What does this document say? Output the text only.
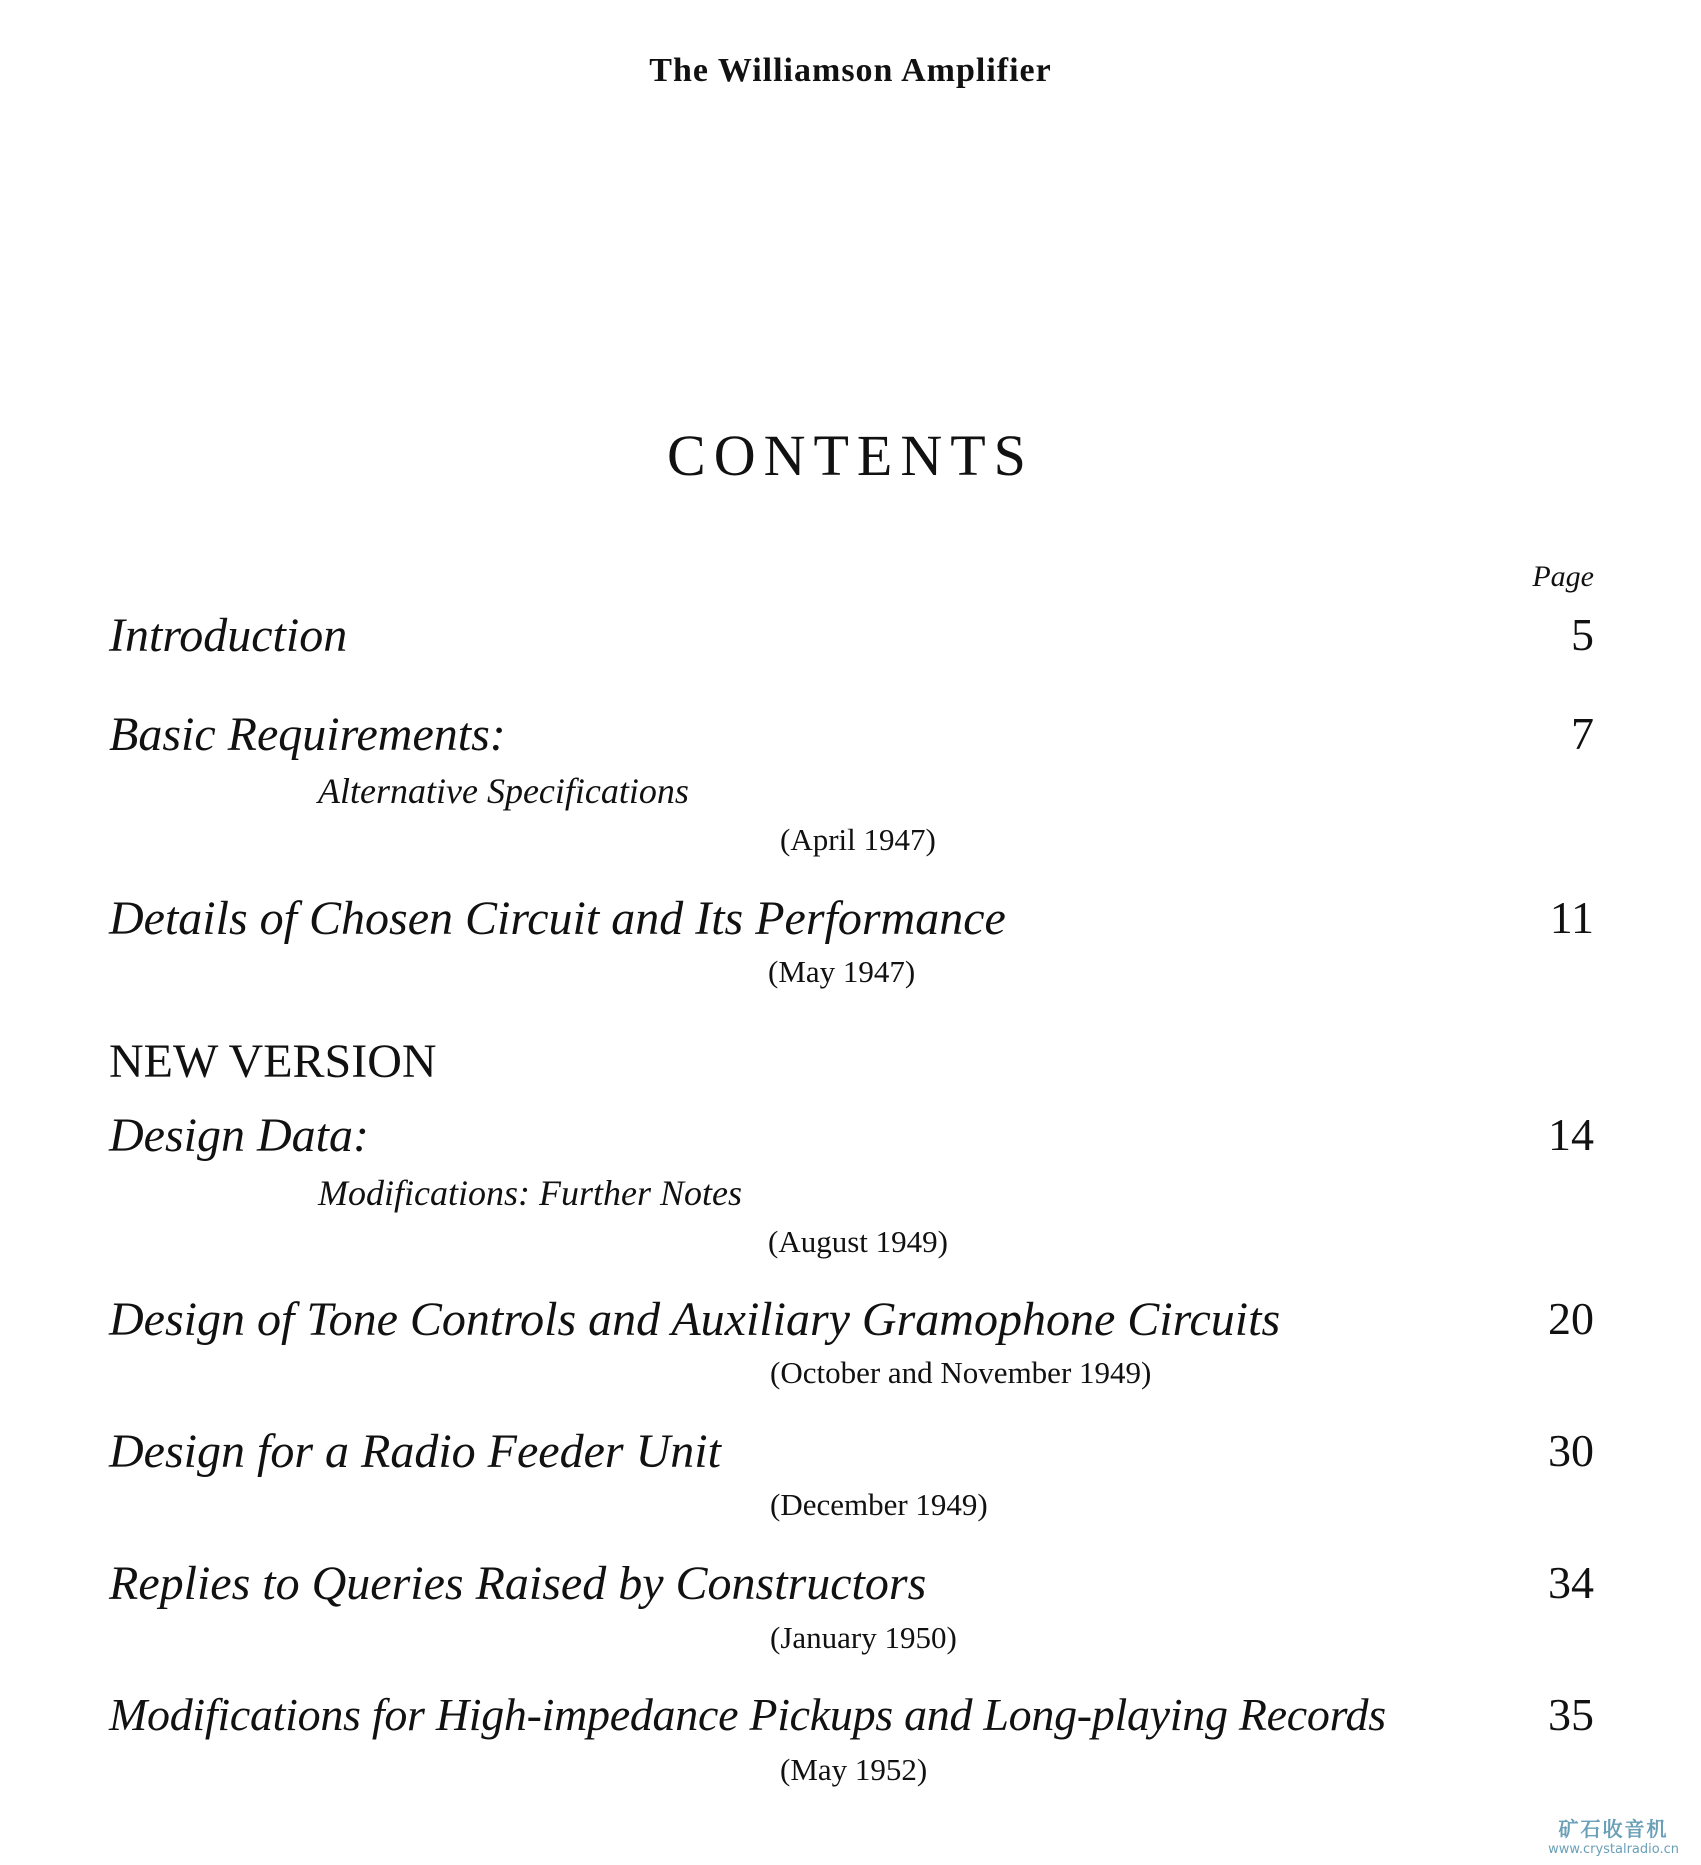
The Williamson Amplifier
CONTENTS
Page
Introduction	5
Basic Requirements:	7
Alternative Specifications
(April 1947)
Details of Chosen Circuit and Its Performance	11
(May 1947)
NEW VERSION
Design Data:	14
Modifications: Further Notes
(August 1949)
Design of Tone Controls and Auxiliary Gramophone Circuits	20
(October and November 1949)
Design for a Radio Feeder Unit	30
(December 1949)
Replies to Queries Raised by Constructors	34
(January 1950)
Modifications for High-impedance Pickups and Long-playing Records	35
(May 1952)
矿石收音机
www.crystalradio.cn
